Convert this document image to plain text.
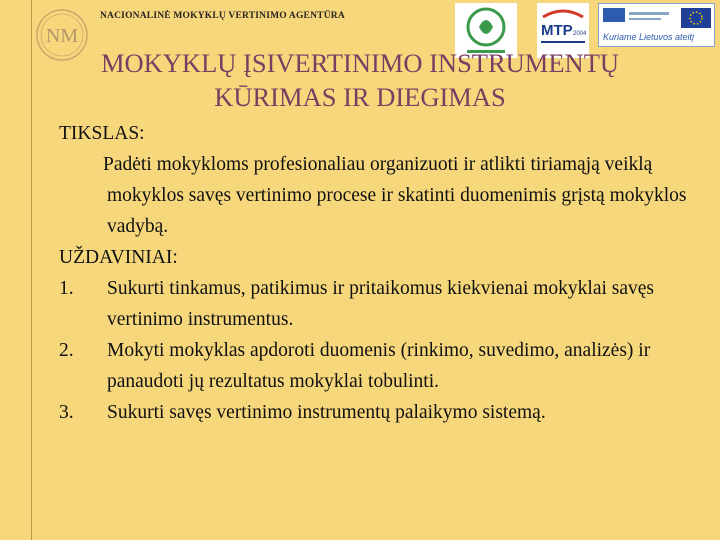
NM
NACIONALINĖ MOKYKLŲ VERTINIMO AGENTŪRA
MTP 2004 Kuriame Lietuvos ateitį
MOKYKLŲ ĮSIVERTINIMO INSTRUMENTŲ KŪRIMAS IR DIEGIMAS

TIKSLAS:

Padėti mokykloms profesionaliau organizuoti ir atlikti tiriamąją veiklą mokyklos savęs vertinimo procese ir skatinti duomenimis grįstą mokyklos vadybą.

UŽDAVINIAI:

1.	Sukurti tinkamus, patikimus ir pritaikomus kiekvienai mokyklai savęs vertinimo instrumentus.
2.	Mokyti mokyklas apdoroti duomenis (rinkimo, suvedimo, analizės) ir panaudoti jų rezultatus mokyklai tobulinti.
3.	Sukurti savęs vertinimo instrumentų palaikymo sistemą.
